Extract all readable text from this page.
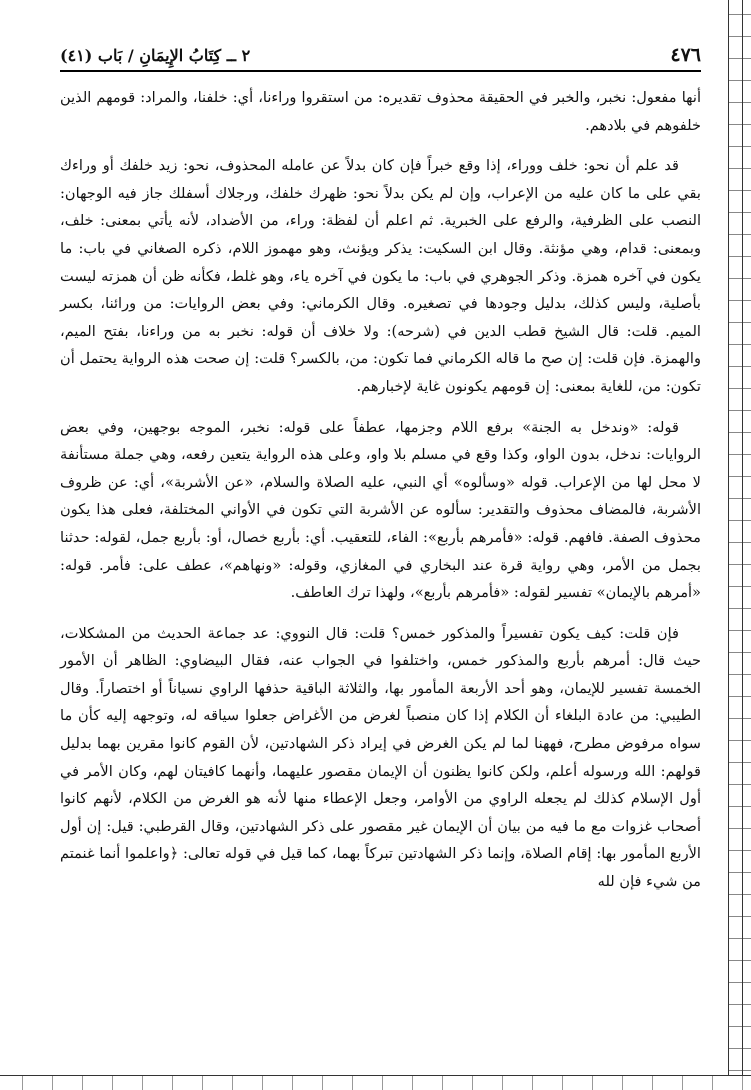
٤٧٦
٢ ــ كِتَابُ الإِيمَانِ / بَاب (٤١)

أنها مفعول: نخبر، والخبر في الحقيقة محذوف تقديره: من استقروا وراءنا، أي: خلفنا، والمراد: قومهم الذين خلفوهم في بلادهم.

قد علم أن نحو: خلف ووراء، إذا وقع خبراً فإن كان بدلاً عن عامله المحذوف، نحو: زيد خلفك أو وراءك بقي على ما كان عليه من الإعراب، وإن لم يكن بدلاً نحو: ظهرك خلفك، ورجلاك أسفلك جاز فيه الوجهان: النصب على الظرفية، والرفع على الخبرية. ثم اعلم أن لفظة: وراء، من الأضداد، لأنه يأتي بمعنى: خلف، وبمعنى: قدام، وهي مؤنثة. وقال ابن السكيت: يذكر ويؤنث، وهو مهموز اللام، ذكره الصغاني في باب: ما يكون في آخره همزة. وذكر الجوهري في باب: ما يكون في آخره ياء، وهو غلط، فكأنه ظن أن همزته ليست بأصلية، وليس كذلك، بدليل وجودها في تصغيره. وقال الكرماني: وفي بعض الروايات: من ورائنا، بكسر الميم. قلت: قال الشيخ قطب الدين في (شرحه): ولا خلاف أن قوله: نخبر به من وراءنا، بفتح الميم، والهمزة. فإن قلت: إن صح ما قاله الكرماني فما تكون: من، بالكسر؟ قلت: إن صحت هذه الرواية يحتمل أن تكون: من، للغاية بمعنى: إن قومهم يكونون غاية لإخبارهم.

قوله: «وندخل به الجنة» برفع اللام وجزمها، عطفاً على قوله: نخبر، الموجه بوجهين، وفي بعض الروايات: ندخل، بدون الواو، وكذا وقع في مسلم بلا واو، وعلى هذه الرواية يتعين رفعه، وهي جملة مستأنفة لا محل لها من الإعراب. قوله «وسألوه» أي النبي، عليه الصلاة والسلام، «عن الأشربة»، أي: عن ظروف الأشربة، فالمضاف محذوف والتقدير: سألوه عن الأشربة التي تكون في الأواني المختلفة، فعلى هذا يكون محذوف الصفة. فافهم. قوله: «فأمرهم بأربع»: الفاء، للتعقيب. أي: بأربع خصال، أو: بأربع جمل، لقوله: حدثنا بجمل من الأمر، وهي رواية قرة عند البخاري في المغازي، وقوله: «ونهاهم»، عطف على: فأمر. قوله: «أمرهم بالإيمان» تفسير لقوله: «فأمرهم بأربع»، ولهذا ترك العاطف.

فإن قلت: كيف يكون تفسيراً والمذكور خمس؟ قلت: قال النووي: عد جماعة الحديث من المشكلات، حيث قال: أمرهم بأربع والمذكور خمس، واختلفوا في الجواب عنه، فقال البيضاوي: الظاهر أن الأمور الخمسة تفسير للإيمان، وهو أحد الأربعة المأمور بها، والثلاثة الباقية حذفها الراوي نسياناً أو اختصاراً. وقال الطيبي: من عادة البلغاء أن الكلام إذا كان منصباً لغرض من الأغراض جعلوا سياقه له، وتوجهه إليه كأن ما سواه مرفوض مطرح، فههنا لما لم يكن الغرض في إيراد ذكر الشهادتين، لأن القوم كانوا مقرين بهما بدليل قولهم: الله ورسوله أعلم، ولكن كانوا يظنون أن الإيمان مقصور عليهما، وأنهما كافيتان لهم، وكان الأمر في أول الإسلام كذلك لم يجعله الراوي من الأوامر، وجعل الإعطاء منها لأنه هو الغرض من الكلام، لأنهم كانوا أصحاب غزوات مع ما فيه من بيان أن الإيمان غير مقصور على ذكر الشهادتين، وقال القرطبي: قيل: إن أول الأربع المأمور بها: إقام الصلاة، وإنما ذكر الشهادتين تبركاً بهما، كما قيل في قوله تعالى: ﴿واعلموا أنما غنمتم من شيء فإن لله
